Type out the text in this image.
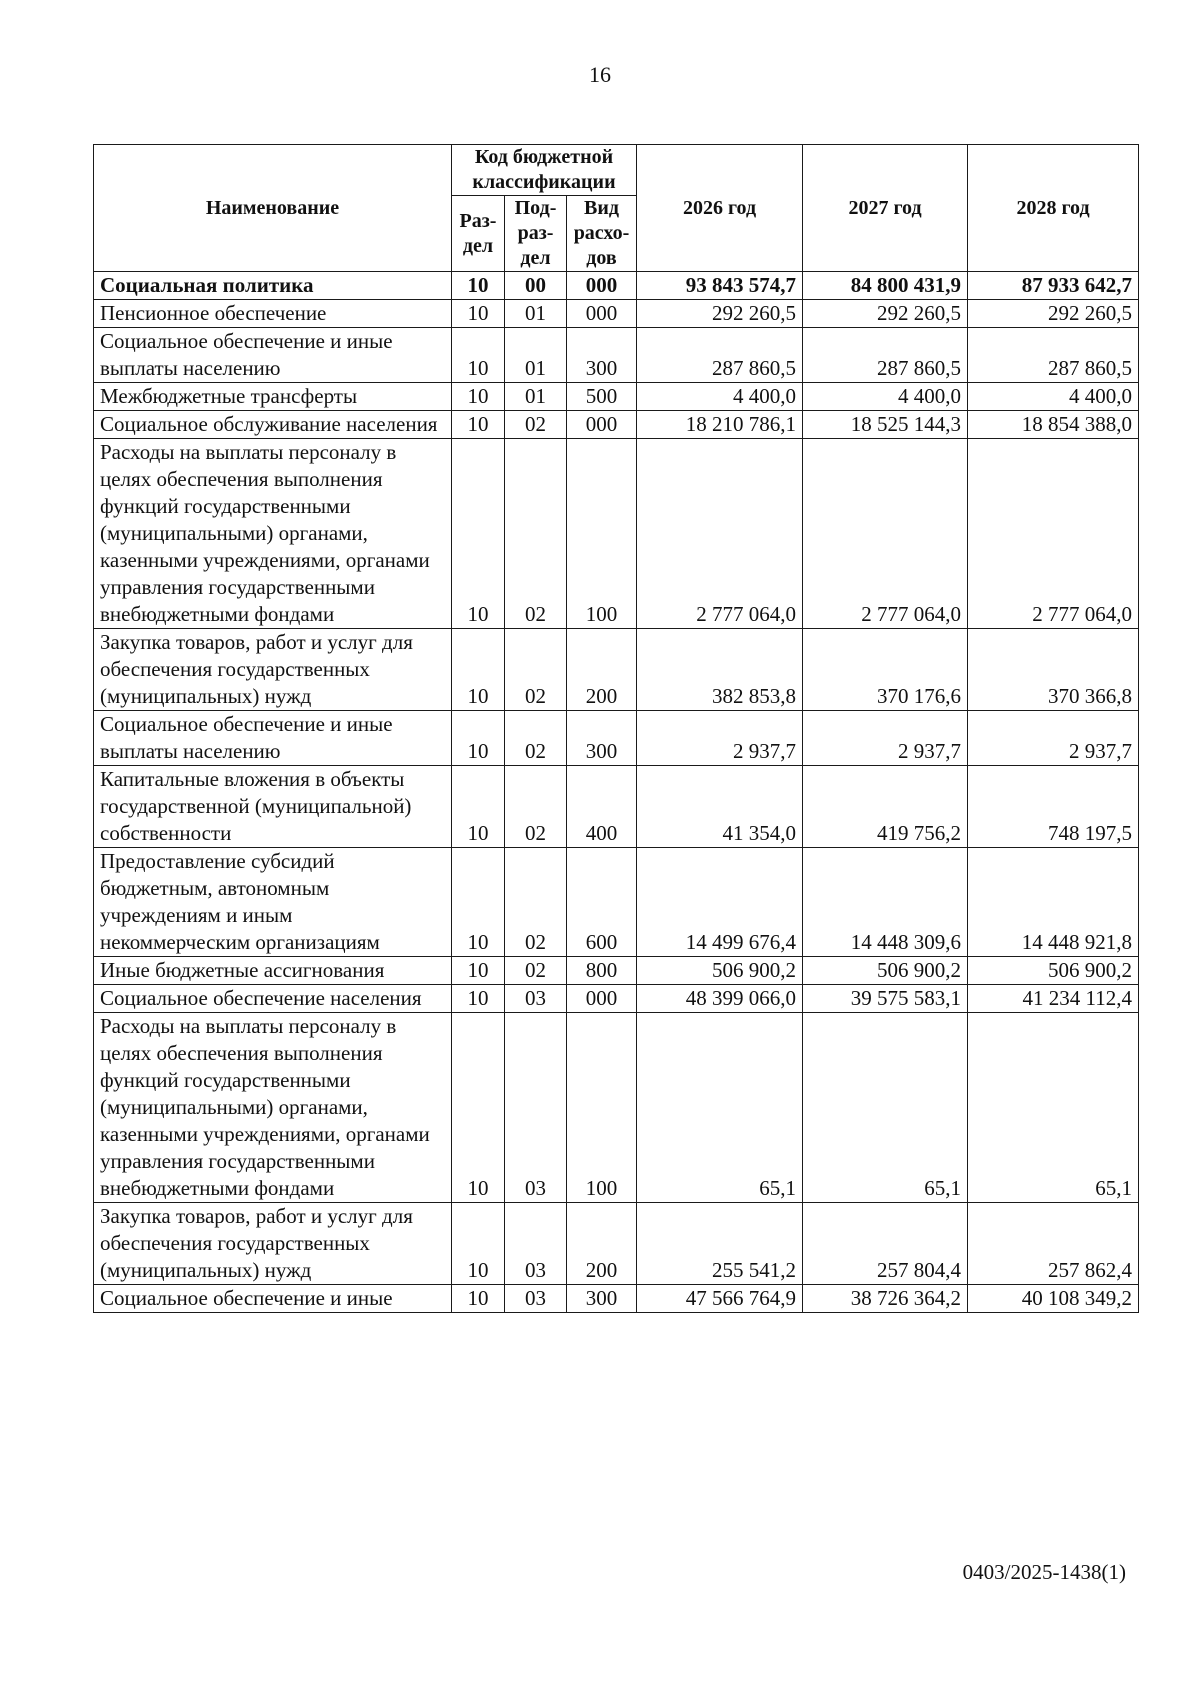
16
Наименование	Код бюджетной классификации			2026 год	2027 год	2028 год
	Раз- дел	Под- раз- дел	Вид расхо- дов			
Социальная политика	10	00	000	93 843 574,7	84 800 431,9	87 933 642,7
Пенсионное обеспечение	10	01	000	292 260,5	292 260,5	292 260,5
Социальное обеспечение и иные выплаты населению	10	01	300	287 860,5	287 860,5	287 860,5
Межбюджетные трансферты	10	01	500	4 400,0	4 400,0	4 400,0
Социальное обслуживание населения	10	02	000	18 210 786,1	18 525 144,3	18 854 388,0
Расходы на выплаты персоналу в целях обеспечения выполнения функций государственными (муниципальными) органами, казенными учреждениями, органами управления государственными внебюджетными фондами	10	02	100	2 777 064,0	2 777 064,0	2 777 064,0
Закупка товаров, работ и услуг для обеспечения государственных (муниципальных) нужд	10	02	200	382 853,8	370 176,6	370 366,8
Социальное обеспечение и иные выплаты населению	10	02	300	2 937,7	2 937,7	2 937,7
Капитальные вложения в объекты государственной (муниципальной) собственности	10	02	400	41 354,0	419 756,2	748 197,5
Предоставление субсидий бюджетным, автономным учреждениям и иным некоммерческим организациям	10	02	600	14 499 676,4	14 448 309,6	14 448 921,8
Иные бюджетные ассигнования	10	02	800	506 900,2	506 900,2	506 900,2
Социальное обеспечение населения	10	03	000	48 399 066,0	39 575 583,1	41 234 112,4
Расходы на выплаты персоналу в целях обеспечения выполнения функций государственными (муниципальными) органами, казенными учреждениями, органами управления государственными внебюджетными фондами	10	03	100	65,1	65,1	65,1
Закупка товаров, работ и услуг для обеспечения государственных (муниципальных) нужд	10	03	200	255 541,2	257 804,4	257 862,4
Социальное обеспечение и иные	10	03	300	47 566 764,9	38 726 364,2	40 108 349,2
0403/2025-1438(1)
